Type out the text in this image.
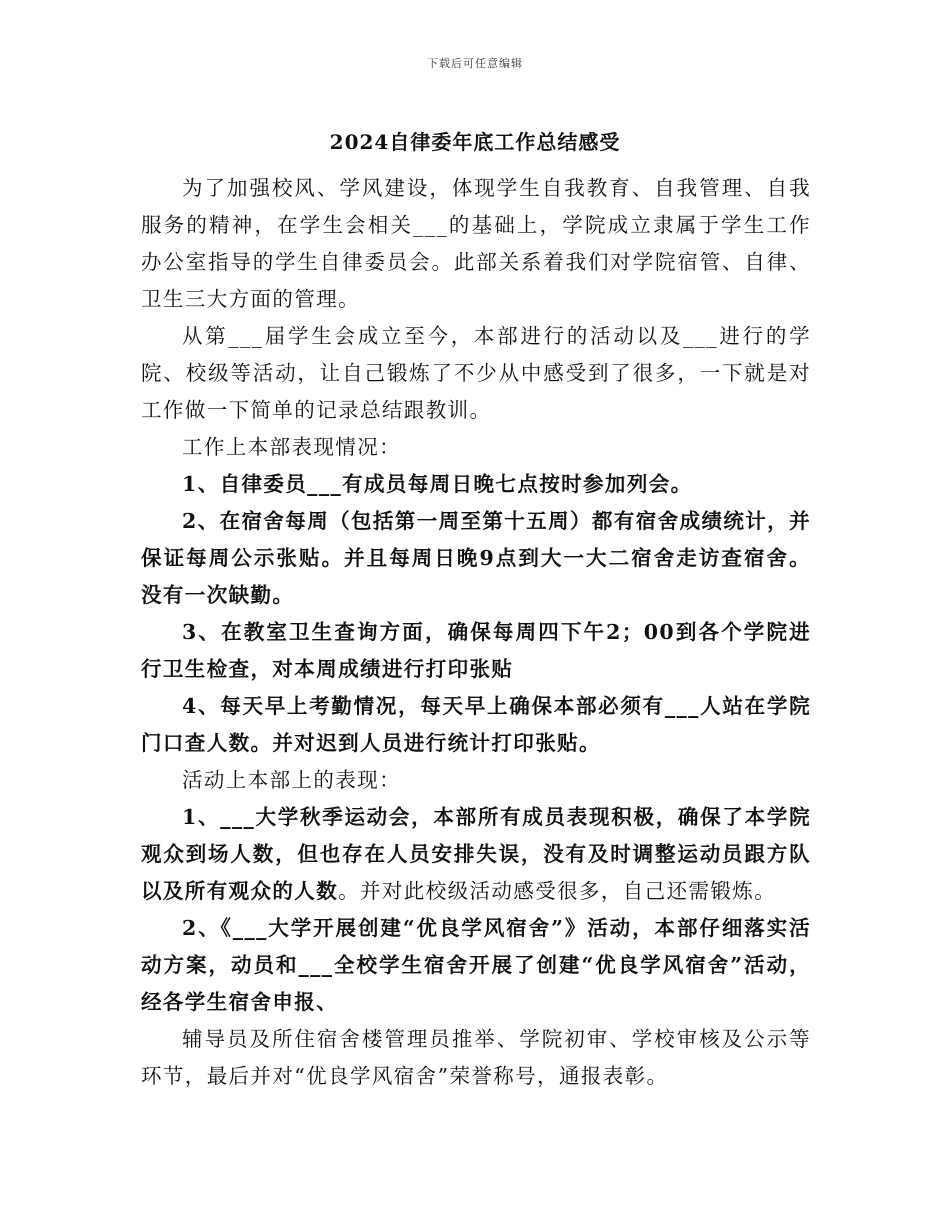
下载后可任意编辑
2024自律委年底工作总结感受

为了加强校风、学风建设，体现学生自我教育、自我管理、自我服务的精神，在学生会相关___的基础上，学院成立隶属于学生工作办公室指导的学生自律委员会。此部关系着我们对学院宿管、自律、卫生三大方面的管理。

从第___届学生会成立至今，本部进行的活动以及___进行的学院、校级等活动，让自己锻炼了不少从中感受到了很多，一下就是对工作做一下简单的记录总结跟教训。

工作上本部表现情况：

1、自律委员___有成员每周日晚七点按时参加列会。

2、在宿舍每周（包括第一周至第十五周）都有宿舍成绩统计，并保证每周公示张贴。并且每周日晚9点到大一大二宿舍走访查宿舍。没有一次缺勤。

3、在教室卫生查询方面，确保每周四下午2；00到各个学院进行卫生检查，对本周成绩进行打印张贴

4、每天早上考勤情况，每天早上确保本部必须有___人站在学院门口查人数。并对迟到人员进行统计打印张贴。

活动上本部上的表现：

1、___大学秋季运动会，本部所有成员表现积极，确保了本学院观众到场人数，但也存在人员安排失误，没有及时调整运动员跟方队以及所有观众的人数。并对此校级活动感受很多，自己还需锻炼。

2、《___大学开展创建“优良学风宿舍”》活动，本部仔细落实活动方案，动员和___全校学生宿舍开展了创建“优良学风宿舍”活动，经各学生宿舍申报、

辅导员及所住宿舍楼管理员推举、学院初审、学校审核及公示等环节，最后并对“优良学风宿舍”荣誉称号，通报表彰。
